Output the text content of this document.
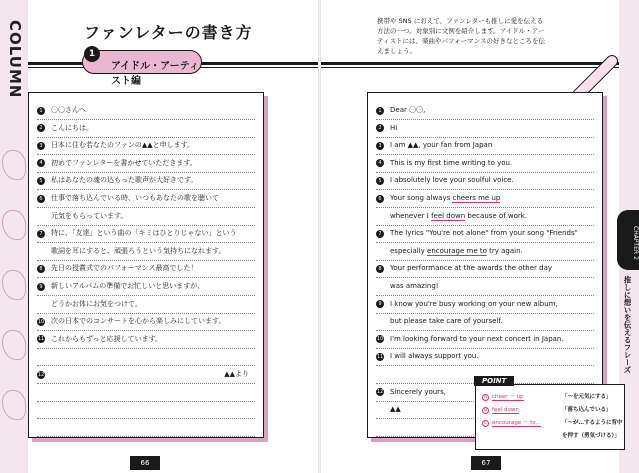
COLUMN	ファンレターの書き方
アイドル・アーティスト編
1
1 〇〇さんへ
2 こんにちは。
3 日本に住む若なたのファンの▲▲と申します。
4 初めてファンレターを書かせていただきます。
5 私はあなたの魂の込もった歌声が大好きです。
6 仕事で落ち込んでいる時、いつもあなたの歌を聴いて
元気をもらっています。
7 特に、「友達」という曲の「キミはひとりじゃない」という
歌詞を耳にすると、頑張ろうという気持ちになれます。
8 先日の授賞式でのパフォーマンス最高でした！
9 新しいアルバムの準備でお忙しいと思いますが、
どうかお体にお気をつけて。
10 次の日本でのコンサートを心から楽しみにしています。
11 これからもずっと応援しています。
12	▲▲より
66
携帯や SNS におえて、ファンレターも推しに愛を伝える方法の一つ。対象別に文例を紹介します。アイドル・アーティストには、楽曲やパフォーマンスの好きなところを伝えましょう。
CHAPTER 2
推しに想いを伝えるフレーズ
1 Dear 〇〇,
2 Hi
3 I am ▲▲, your fan from Japan
4 This is my first time writing to you.
5 I absolutely love your soulful voice.
6 Your song always cheers me up
whenever I feel down because of work.
7 The lyrics "You're not alone" from your song "Friends"
especially encourage me to try again.
8 Your performance at the awards the other day
was amazing!
9 I know you're busy working on your new album,
but please take care of yourself.
10 I'm looking forward to your next concert in Japan.
11 I will always support you.
12 Sincerely yours,
▲▲
POINT
A cheer ～ up	「～を元気にする」
B feel down	「落ち込んでいる」
C encourage ～ to...	「～が…するように背中
を押す（勇気づける）」
67
